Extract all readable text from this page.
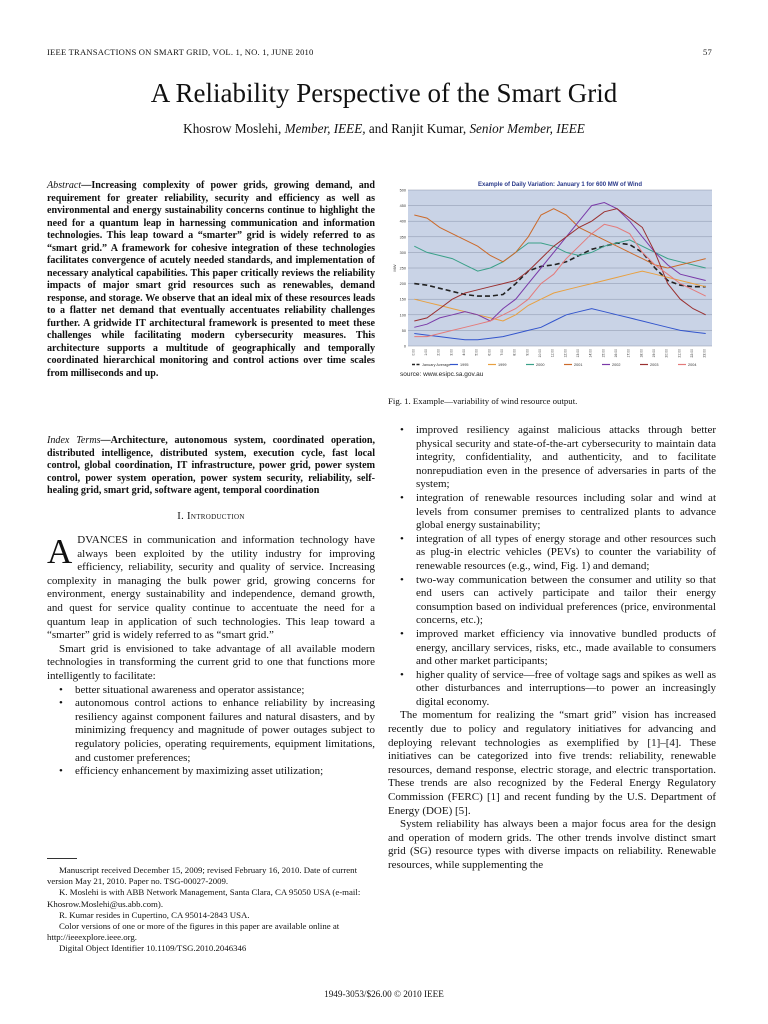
IEEE TRANSACTIONS ON SMART GRID, VOL. 1, NO. 1, JUNE 2010	57
A Reliability Perspective of the Smart Grid
Khosrow Moslehi, Member, IEEE, and Ranjit Kumar, Senior Member, IEEE
Abstract—Increasing complexity of power grids, growing demand, and requirement for greater reliability, security and efficiency as well as environmental and energy sustainability concerns continue to highlight the need for a quantum leap in harnessing communication and information technologies. This leap toward a “smarter” grid is widely referred to as “smart grid.” A framework for cohesive integration of these technologies facilitates convergence of acutely needed standards, and implementation of necessary analytical capabilities. This paper critically reviews the reliability impacts of major smart grid resources such as renewables, demand response, and storage. We observe that an ideal mix of these resources leads to a flatter net demand that eventually accentuates reliability challenges further. A gridwide IT architectural framework is presented to meet these challenges while facilitating modern cybersecurity measures. This architecture supports a multitude of geographically and temporally coordinated hierarchical monitoring and control actions over time scales from milliseconds and up.
Index Terms—Architecture, autonomous system, coordinated operation, distributed intelligence, distributed system, execution cycle, fast local control, global coordination, IT infrastructure, power grid, power system control, power system operation, power system security, reliability, self-healing grid, smart grid, software agent, temporal coordination
I. Introduction

ADVANCES in communication and information technology have always been exploited by the utility industry for improving efficiency, reliability, security and quality of service. Increasing complexity in managing the bulk power grid, growing concerns for environment, energy sustainability and independence, demand growth, and quest for service quality continue to accentuate the need for a quantum leap in application of such technologies. This leap toward a “smarter” grid is widely referred to as “smart grid.”

Smart grid is envisioned to take advantage of all available modern technologies in transforming the current grid to one that functions more intelligently to facilitate:

• better situational awareness and operator assistance;
• autonomous control actions to enhance reliability by increasing resiliency against component failures and natural disasters, and by minimizing frequency and magnitude of power outages subject to regulatory policies, operating requirements, equipment limitations, and customer preferences;
• efficiency enhancement by maximizing asset utilization;

Manuscript received December 15, 2009; revised February 16, 2010. Date of current version May 21, 2010. Paper no. TSG-00027-2009.

K. Moslehi is with ABB Network Management, Santa Clara, CA 95050 USA (e-mail: Khosrow.Moslehi@us.abb.com).

R. Kumar resides in Cupertino, CA 95014-2843 USA.

Color versions of one or more of the figures in this paper are available online at http://ieeexplore.ieee.org.

Digital Object Identifier 10.1109/TSG.2010.2046346

Example of Daily Variation: January 1 for 600 MW of Wind
0
50
100
150
200
250
300
350
400
450
500
MW
0:00	1:00	2:00	3:00	4:00	5:00	6:00	7:00	8:00	9:00	10:00	11:00	12:00	13:00	14:00	15:00	16:00	17:00	18:00	19:00	20:00	21:00	22:00	23:00
January Average	1995	1999	2000	2001	2002	2003	2004
source: www.esipc.sa.gov.au
Fig. 1. Example—variability of wind resource output.
• improved resiliency against malicious attacks through better physical security and state-of-the-art cybersecurity to maintain data integrity, confidentiality, and authenticity, and to facilitate nonrepudiation even in the presence of adversaries in parts of the system;
• integration of renewable resources including solar and wind at levels from consumer premises to centralized plants to advance global energy sustainability;
• integration of all types of energy storage and other resources such as plug-in electric vehicles (PEVs) to counter the variability of renewable resources (e.g., wind, Fig. 1) and demand;
• two-way communication between the consumer and utility so that end users can actively participate and tailor their energy consumption based on individual preferences (price, environmental concerns, etc.);
• improved market efficiency via innovative bundled products of energy, ancillary services, risks, etc., made available to consumers and other market participants;
• higher quality of service—free of voltage sags and spikes as well as other disturbances and interruptions—to power an increasingly digital economy.

The momentum for realizing the “smart grid” vision has increased recently due to policy and regulatory initiatives for advancing and deploying relevant technologies as exemplified by [1]–[4]. These initiatives can be categorized into five trends: reliability, renewable resources, demand response, electric storage, and electric transportation. These trends are also recognized by the Federal Energy Regulatory Commission (FERC) [1] and recent funding by the U.S. Department of Energy (DOE) [5].

System reliability has always been a major focus area for the design and operation of modern grids. The other trends involve distinct smart grid (SG) resource types with diverse impacts on reliability. Renewable resources, while supplementing the

1949-3053/$26.00 © 2010 IEEE
